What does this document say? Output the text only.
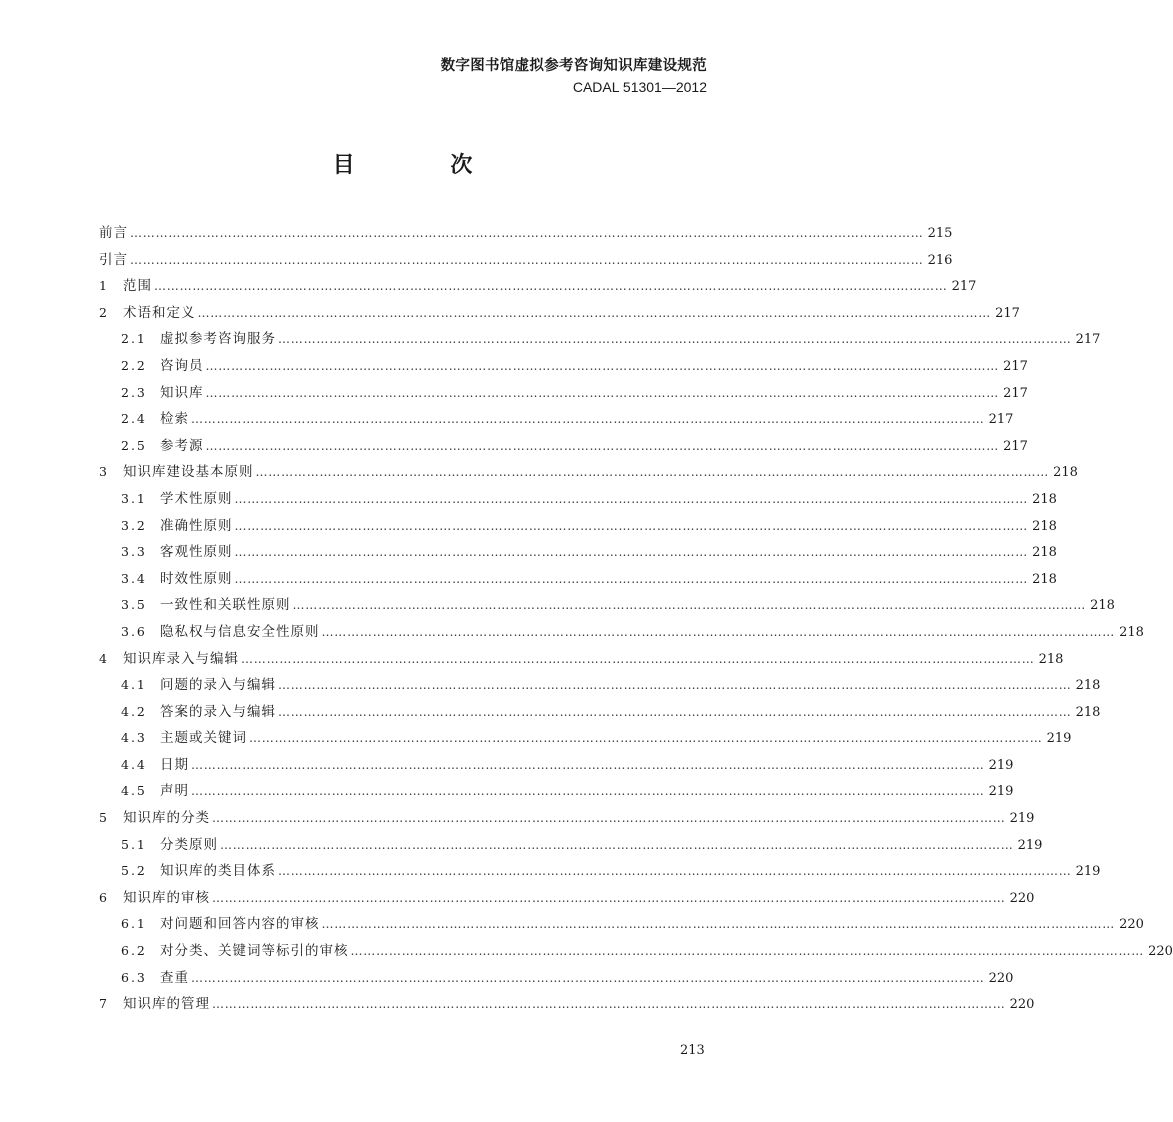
数字图书馆虚拟参考咨询知识库建设规范
CADAL 51301—2012
目 次
前言 …………………………………………………………………………………………………………………………………………………………………… 215
引言 …………………………………………………………………………………………………………………………………………………………………… 216
1	范围 …………………………………………………………………………………………………………………………………………………………………… 217
2	术语和定义 …………………………………………………………………………………………………………………………………………………………………… 217
2.1 虚拟参考咨询服务 …………………………………………………………………………………………………………………………………………………………………… 217
2.2 咨询员 …………………………………………………………………………………………………………………………………………………………………… 217
2.3 知识库 …………………………………………………………………………………………………………………………………………………………………… 217
2.4 检索 …………………………………………………………………………………………………………………………………………………………………… 217
2.5 参考源 …………………………………………………………………………………………………………………………………………………………………… 217
3	知识库建设基本原则 …………………………………………………………………………………………………………………………………………………………………… 218
3.1 学术性原则 …………………………………………………………………………………………………………………………………………………………………… 218
3.2 准确性原则 …………………………………………………………………………………………………………………………………………………………………… 218
3.3 客观性原则 …………………………………………………………………………………………………………………………………………………………………… 218
3.4 时效性原则 …………………………………………………………………………………………………………………………………………………………………… 218
3.5 一致性和关联性原则 …………………………………………………………………………………………………………………………………………………………………… 218
3.6 隐私权与信息安全性原则 …………………………………………………………………………………………………………………………………………………………………… 218
4	知识库录入与编辑 …………………………………………………………………………………………………………………………………………………………………… 218
4.1 问题的录入与编辑 …………………………………………………………………………………………………………………………………………………………………… 218
4.2 答案的录入与编辑 …………………………………………………………………………………………………………………………………………………………………… 218
4.3 主题或关键词 …………………………………………………………………………………………………………………………………………………………………… 219
4.4 日期 …………………………………………………………………………………………………………………………………………………………………… 219
4.5 声明 …………………………………………………………………………………………………………………………………………………………………… 219
5	知识库的分类 …………………………………………………………………………………………………………………………………………………………………… 219
5.1 分类原则 …………………………………………………………………………………………………………………………………………………………………… 219
5.2 知识库的类目体系 …………………………………………………………………………………………………………………………………………………………………… 219
6	知识库的审核 …………………………………………………………………………………………………………………………………………………………………… 220
6.1 对问题和回答内容的审核 …………………………………………………………………………………………………………………………………………………………………… 220
6.2 对分类、关键词等标引的审核 …………………………………………………………………………………………………………………………………………………………………… 220
6.3 查重 …………………………………………………………………………………………………………………………………………………………………… 220
7	知识库的管理 …………………………………………………………………………………………………………………………………………………………………… 220
213
